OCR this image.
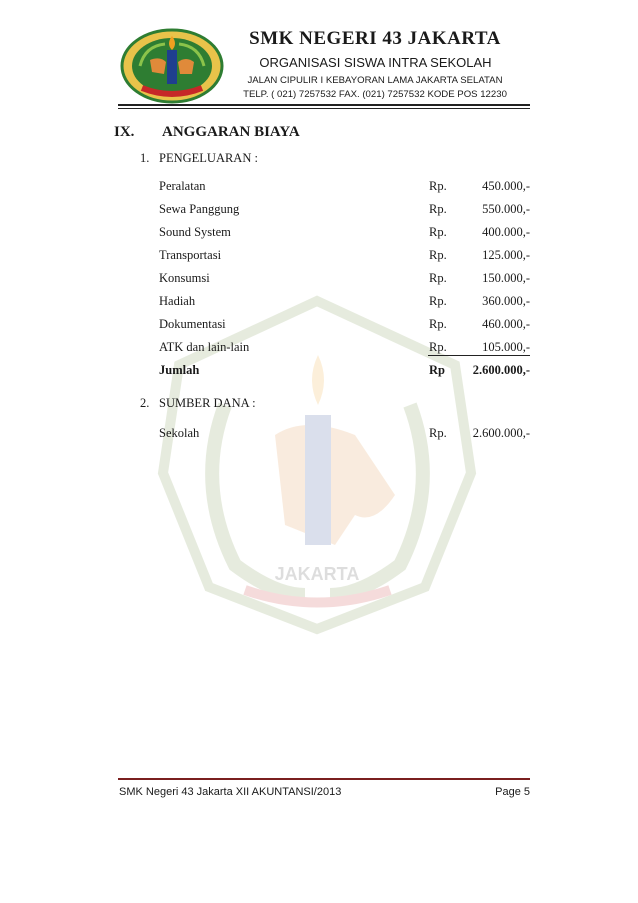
JAKARTA
SMK NEGERI 43 JAKARTA
ORGANISASI SISWA INTRA SEKOLAH
JALAN CIPULIR I KEBAYORAN LAMA JAKARTA SELATAN
TELP. ( 021) 7257532 FAX. (021) 7257532 KODE POS 12230
IX. ANGGARAN BIAYA
1. PENGELUARAN :
Peralatan	Rp.	450.000,-
Sewa Panggung	Rp.	550.000,-
Sound System	Rp.	400.000,-
Transportasi	Rp.	125.000,-
Konsumsi	Rp.	150.000,-
Hadiah	Rp.	360.000,-
Dokumentasi	Rp.	460.000,-
ATK dan lain-lain	Rp.	105.000,-
Jumlah	Rp 2.600.000,-
2. SUMBER DANA :
Sekolah	Rp. 2.600.000,-
SMK Negeri 43 Jakarta XII AKUNTANSI/2013	Page 5
